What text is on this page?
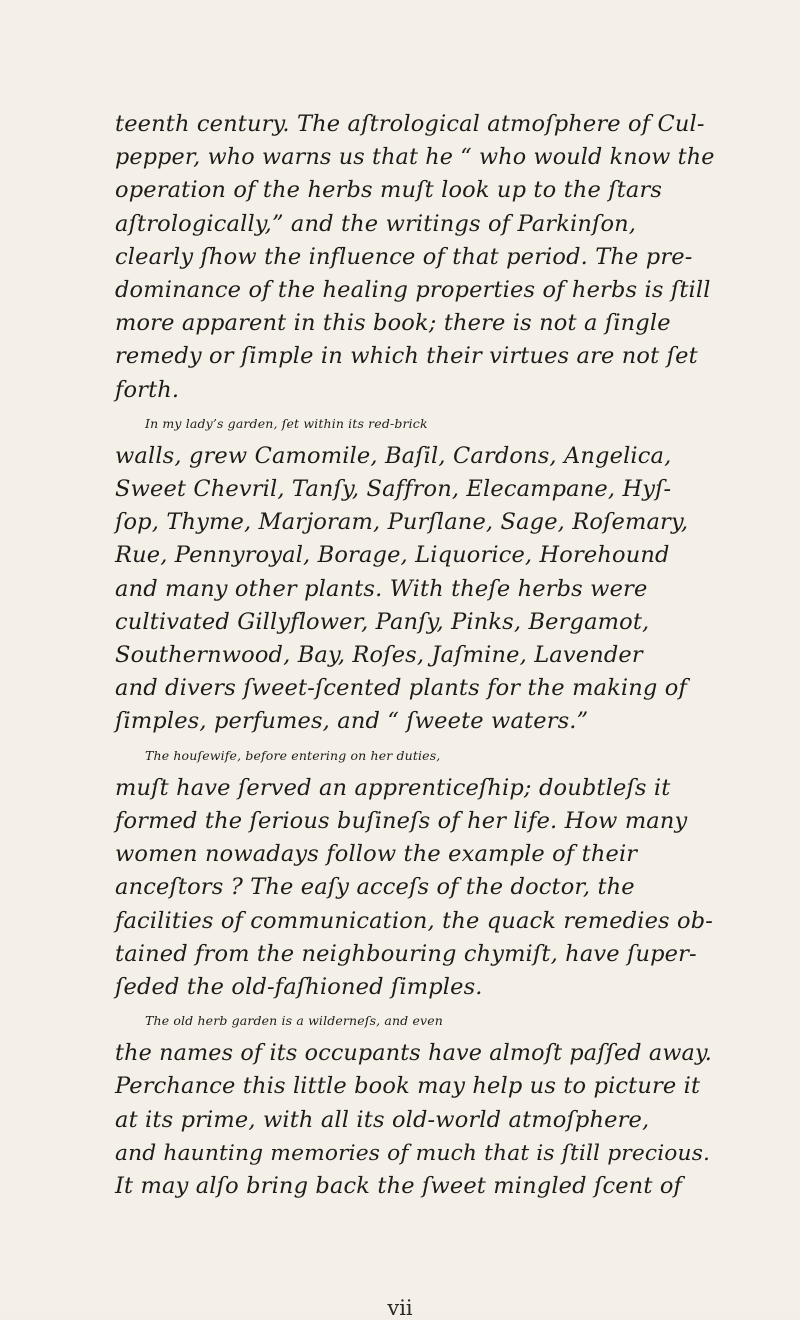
teenth century. The aſtrological atmoſphere of Cul-
pepper, who warns us that he “ who would know the
operation of the herbs muſt look up to the ſtars
aſtrologically,” and the writings of Parkinſon,
clearly ſhow the influence of that period. The pre-
dominance of the healing properties of herbs is ſtill
more apparent in this book; there is not a ſingle
remedy or ſimple in which their virtues are not ſet
forth.
In my lady’s garden, ſet within its red-brick
walls, grew Camomile, Baſil, Cardons, Angelica,
Sweet Chevril, Tanſy, Saffron, Elecampane, Hyſ-
ſop, Thyme, Marjoram, Purſlane, Sage, Roſemary,
Rue, Pennyroyal, Borage, Liquorice, Horehound
and many other plants. With theſe herbs were
cultivated Gillyflower, Panſy, Pinks, Bergamot,
Southernwood, Bay, Roſes, Jaſmine, Lavender
and divers ſweet-ſcented plants for the making of
ſimples, perfumes, and “ ſweete waters.”
The houſewife, before entering on her duties,
muſt have ſerved an apprenticeſhip; doubtleſs it
formed the ſerious buſineſs of her life. How many
women nowadays follow the example of their
anceſtors ? The eaſy acceſs of the doctor, the
facilities of communication, the quack remedies ob-
tained from the neighbouring chymiſt, have ſuper-
ſeded the old-faſhioned ſimples.
The old herb garden is a wilderneſs, and even
the names of its occupants have almoſt paſſed away.
Perchance this little book may help us to picture it
at its prime, with all its old-world atmoſphere,
and haunting memories of much that is ſtill precious.
It may alſo bring back the ſweet mingled ſcent of
vii
